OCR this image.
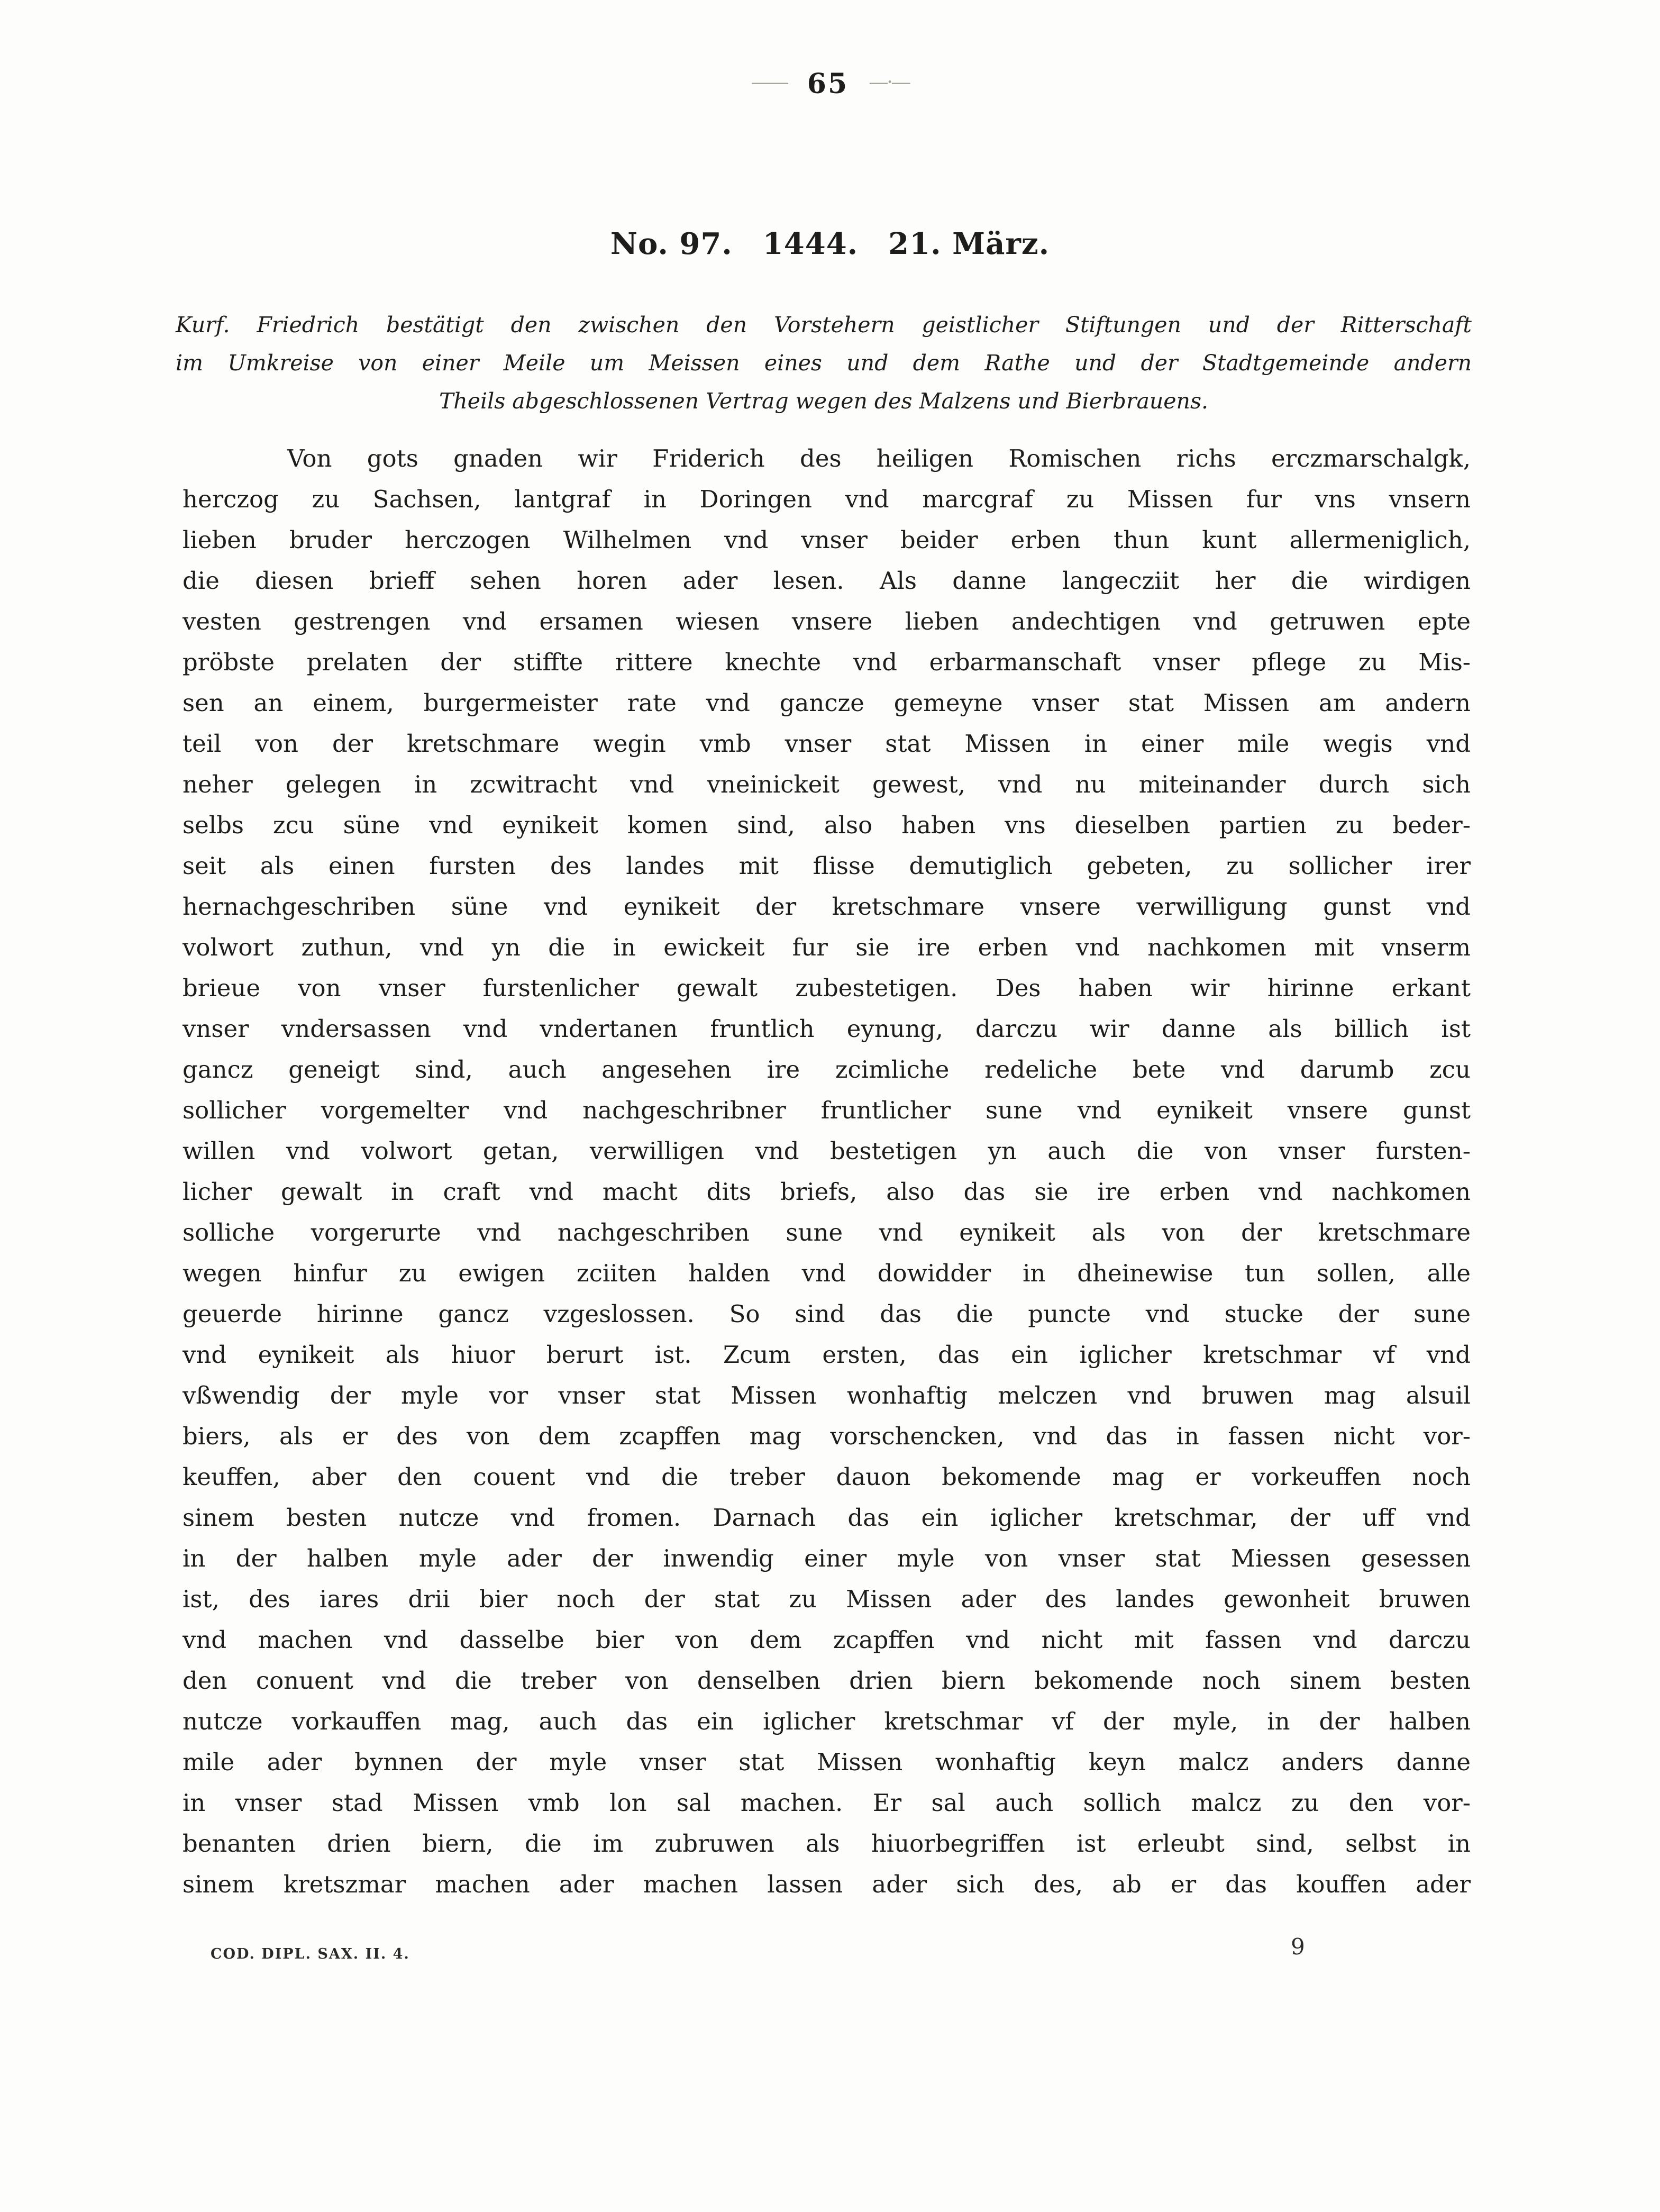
—— 65 —·—
No. 97. 1444. 21. März.
Kurf. Friedrich bestätigt den zwischen den Vorstehern geistlicher Stiftungen und der Ritterschaft
im Umkreise von einer Meile um Meissen eines und dem Rathe und der Stadtgemeinde andern
Theils abgeschlossenen Vertrag wegen des Malzens und Bierbrauens.
Von gots gnaden wir Friderich des heiligen Romischen richs erczmarschalgk,
herczog zu Sachsen, lantgraf in Doringen vnd marcgraf zu Missen fur vns vnsern
lieben bruder herczogen Wilhelmen vnd vnser beider erben thun kunt allermeniglich,
die diesen brieff sehen horen ader lesen. Als danne langecziit her die wirdigen
vesten gestrengen vnd ersamen wiesen vnsere lieben andechtigen vnd getruwen epte
pröbste prelaten der stiffte rittere knechte vnd erbarmanschaft vnser pflege zu Mis-
sen an einem, burgermeister rate vnd gancze gemeyne vnser stat Missen am andern
teil von der kretschmare wegin vmb vnser stat Missen in einer mile wegis vnd
neher gelegen in zcwitracht vnd vneinickeit gewest, vnd nu miteinander durch sich
selbs zcu süne vnd eynikeit komen sind, also haben vns dieselben partien zu beder-
seit als einen fursten des landes mit flisse demutiglich gebeten, zu sollicher irer
hernachgeschriben süne vnd eynikeit der kretschmare vnsere verwilligung gunst vnd
volwort zuthun, vnd yn die in ewickeit fur sie ire erben vnd nachkomen mit vnserm
brieue von vnser furstenlicher gewalt zubestetigen. Des haben wir hirinne erkant
vnser vndersassen vnd vndertanen fruntlich eynung, darczu wir danne als billich ist
gancz geneigt sind, auch angesehen ire zcimliche redeliche bete vnd darumb zcu
sollicher vorgemelter vnd nachgeschribner fruntlicher sune vnd eynikeit vnsere gunst
willen vnd volwort getan, verwilligen vnd bestetigen yn auch die von vnser fursten-
licher gewalt in craft vnd macht dits briefs, also das sie ire erben vnd nachkomen
solliche vorgerurte vnd nachgeschriben sune vnd eynikeit als von der kretschmare
wegen hinfur zu ewigen zciiten halden vnd dowidder in dheinewise tun sollen, alle
geuerde hirinne gancz vzgeslossen. So sind das die puncte vnd stucke der sune
vnd eynikeit als hiuor berurt ist. Zcum ersten, das ein iglicher kretschmar vf vnd
vßwendig der myle vor vnser stat Missen wonhaftig melczen vnd bruwen mag alsuil
biers, als er des von dem zcapffen mag vorschencken, vnd das in fassen nicht vor-
keuffen, aber den couent vnd die treber dauon bekomende mag er vorkeuffen noch
sinem besten nutcze vnd fromen. Darnach das ein iglicher kretschmar, der uff vnd
in der halben myle ader der inwendig einer myle von vnser stat Miessen gesessen
ist, des iares drii bier noch der stat zu Missen ader des landes gewonheit bruwen
vnd machen vnd dasselbe bier von dem zcapffen vnd nicht mit fassen vnd darczu
den conuent vnd die treber von denselben drien biern bekomende noch sinem besten
nutcze vorkauffen mag, auch das ein iglicher kretschmar vf der myle, in der halben
mile ader bynnen der myle vnser stat Missen wonhaftig keyn malcz anders danne
in vnser stad Missen vmb lon sal machen. Er sal auch sollich malcz zu den vor-
benanten drien biern, die im zubruwen als hiuorbegriffen ist erleubt sind, selbst in
sinem kretszmar machen ader machen lassen ader sich des, ab er das kouffen ader
COD. DIPL. SAX. II. 4.	9
